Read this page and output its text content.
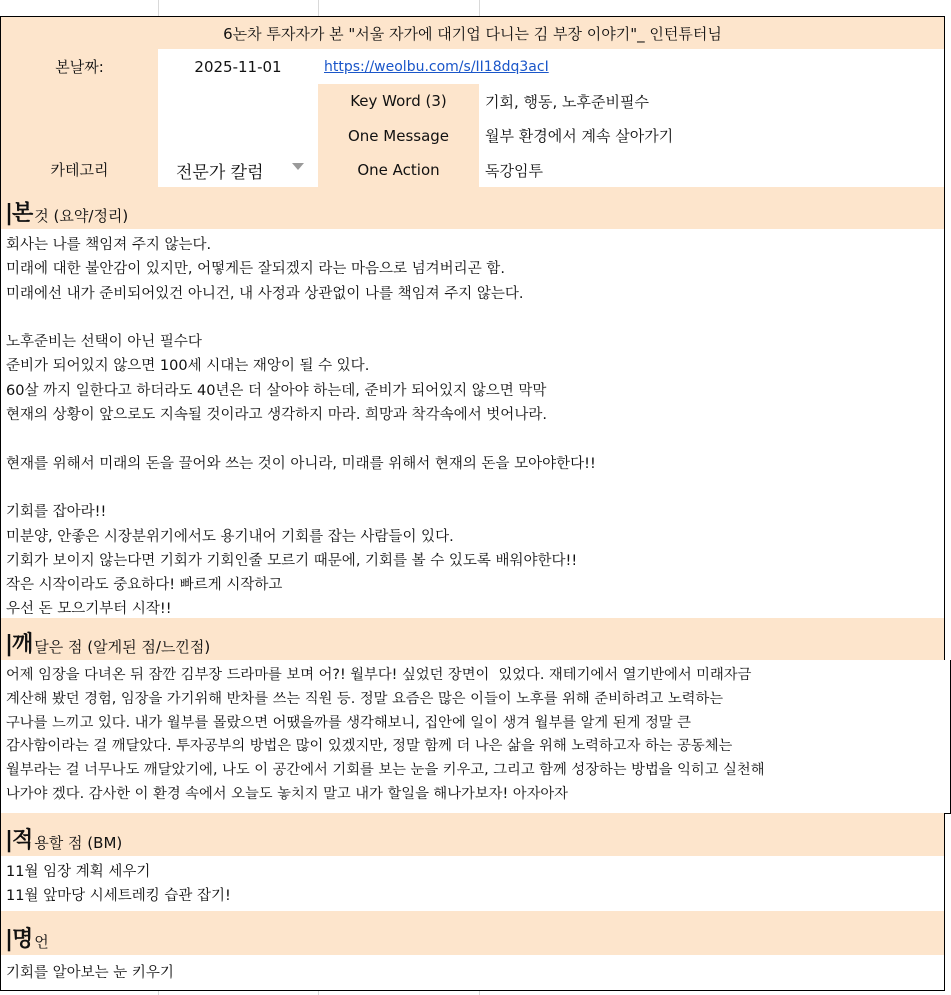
6논차 투자자가 본 "서울 자가에 대기업 다니는 김 부장 이야기"_ 인턴튜터님
본날짜:	2025-11-01	https://weolbu.com/s/II18dq3acI
카테고리	전문가 칼럼
Key Word (3)	기회, 행동, 노후준비필수
One Message	월부 환경에서 계속 살아가기
One Action	독강임투
|본 것 (요약/정리)
회사는 나를 책임져 주지 않는다.
미래에 대한 불안감이 있지만, 어떻게든 잘되겠지 라는 마음으로 넘겨버리곤 함.
미래에선 내가 준비되어있건 아니건, 내 사정과 상관없이 나를 책임져 주지 않는다.

노후준비는 선택이 아닌 필수다
준비가 되어있지 않으면 100세 시대는 재앙이 될 수 있다.
60살 까지 일한다고 하더라도 40년은 더 살아야 하는데, 준비가 되어있지 않으면 막막
현재의 상황이 앞으로도 지속될 것이라고 생각하지 마라. 희망과 착각속에서 벗어나라.

현재를 위해서 미래의 돈을 끌어와 쓰는 것이 아니라, 미래를 위해서 현재의 돈을 모아야한다!!

기회를 잡아라!!
미분양, 안좋은 시장분위기에서도 용기내어 기회를 잡는 사람들이 있다.
기회가 보이지 않는다면 기회가 기회인줄 모르기 때문에, 기회를 볼 수 있도록 배워야한다!!
작은 시작이라도 중요하다! 빠르게 시작하고
우선 돈 모으기부터 시작!!
|깨 달은 점 (알게된 점/느낀점)
어제 임장을 다녀온 뒤 잠깐 김부장 드라마를 보며 어?! 월부다! 싶었던 장면이  있었다. 재테기에서 열기반에서 미래자금
계산해 봤던 경험, 임장을 가기위해 반차를 쓰는 직원 등. 정말 요즘은 많은 이들이 노후를 위해 준비하려고 노력하는
구나를 느끼고 있다. 내가 월부를 몰랐으면 어땠을까를 생각해보니, 집안에 일이 생겨 월부를 알게 된게 정말 큰
감사함이라는 걸 깨달았다. 투자공부의 방법은 많이 있겠지만, 정말 함께 더 나은 삶을 위해 노력하고자 하는 공동체는
월부라는 걸 너무나도 깨달았기에, 나도 이 공간에서 기회를 보는 눈을 키우고, 그리고 함께 성장하는 방법을 익히고 실천해
나가야 겠다. 감사한 이 환경 속에서 오늘도 놓치지 말고 내가 할일을 해나가보자! 아자아자
|적 용할 점 (BM)
11월 임장 계획 세우기
11월 앞마당 시세트레킹 습관 잡기!
|명 언
기회를 알아보는 눈 키우기
